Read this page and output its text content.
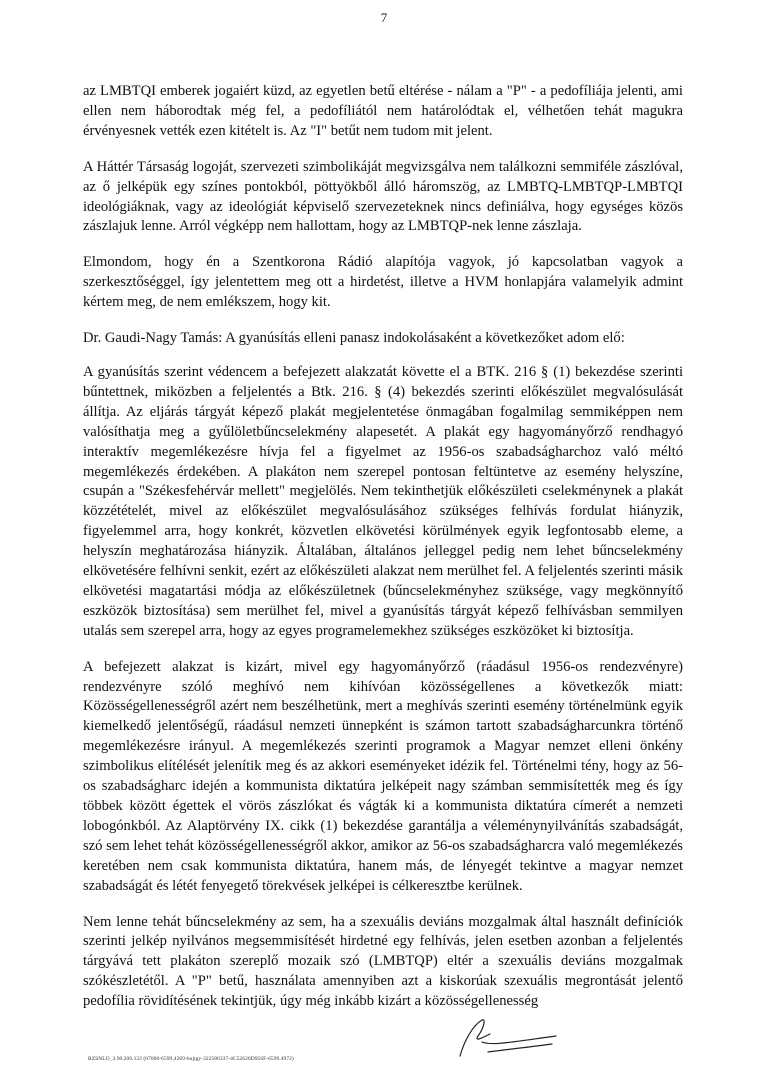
7

az LMBTQI emberek jogaiért küzd, az egyetlen betű eltérése - nálam a "P" - a pedofíliája jelenti, ami ellen nem háborodtak még fel, a pedofíliától nem határolódtak el, vélhetően tehát magukra érvényesnek vették ezen kitételt is. Az "I" betűt nem tudom mit jelent.

A Háttér Társaság logoját, szervezeti szimbolikáját megvizsgálva nem találkozni semmiféle zászlóval, az ő jelképük egy színes pontokból, pöttyökből álló háromszög, az LMBTQ-LMBTQP-LMBTQI ideológiáknak, vagy az ideológiát képviselő szervezeteknek nincs definiálva, hogy egységes közös zászlajuk lenne. Arról végképp nem hallottam, hogy az LMBTQP-nek lenne zászlaja.

Elmondom, hogy én a Szentkorona Rádió alapítója vagyok, jó kapcsolatban vagyok a szerkesztőséggel, így jelentettem meg ott a hirdetést, illetve a HVM honlapjára valamelyik admint kértem meg, de nem emlékszem, hogy kit.

Dr. Gaudi-Nagy Tamás: A gyanúsítás elleni panasz indokolásaként a következőket adom elő:

A gyanúsítás szerint védencem a befejezett alakzatát követte el a BTK. 216 § (1) bekezdése szerinti bűntettnek, miközben a feljelentés a Btk. 216. § (4) bekezdés szerinti előkészület megvalósulását állítja. Az eljárás tárgyát képező plakát megjelentetése önmagában fogalmilag semmiképpen nem valósíthatja meg a gyűlöletbűncselekmény alapesetét. A plakát egy hagyományőrző rendhagyó interaktív megemlékezésre hívja fel a figyelmet az 1956-os szabadságharchoz való méltó megemlékezés érdekében. A plakáton nem szerepel pontosan feltüntetve az esemény helyszíne, csupán a "Székesfehérvár mellett" megjelölés. Nem tekinthetjük előkészületi cselekménynek a plakát közzétételét, mivel az előkészület megvalósulásához szükséges felhívás fordulat hiányzik, figyelemmel arra, hogy konkrét, közvetlen elkövetési körülmények egyik legfontosabb eleme, a helyszín meghatározása hiányzik. Általában, általános jelleggel pedig nem lehet bűncselekmény elkövetésére felhívni senkit, ezért az előkészületi alakzat nem merülhet fel. A feljelentés szerinti másik elkövetési magatartási módja az előkészületnek (bűncselekményhez szüksége, vagy megkönnyítő eszközök biztosítása) sem merülhet fel, mivel a gyanúsítás tárgyát képező felhívásban semmilyen utalás sem szerepel arra, hogy az egyes programelemekhez szükséges eszközöket ki biztosítja.

A befejezett alakzat is kizárt, mivel egy hagyományőrző (ráadásul 1956-os rendezvényre) rendezvényre szóló meghívó nem kihívóan közösségellenes a következők miatt: Közösségellenességről azért nem beszélhetünk, mert a meghívás szerinti esemény történelmünk egyik kiemelkedő jelentőségű, ráadásul nemzeti ünnepként is számon tartott szabadságharcunkra történő megemlékezésre irányul. A megemlékezés szerinti programok a Magyar nemzet elleni önkény szimbolikus elítélését jelenítik meg és az akkori eseményeket idézik fel. Történelmi tény, hogy az 56-os szabadságharc idején a kommunista diktatúra jelképeit nagy számban semmisítették meg és így többek között égettek el vörös zászlókat és vágták ki a kommunista diktatúra címerét a nemzeti lobogónkból. Az Alaptörvény IX. cikk (1) bekezdése garantálja a véleménynyilvánítás szabadságát, szó sem lehet tehát közösségellenességről akkor, amikor az 56-os szabadságharcra való megemlékezés keretében nem csak kommunista diktatúra, hanem más, de lényegét tekintve a magyar nemzet szabadságát és létét fenyegető törekvések jelképei is célkeresztbe kerülnek.

Nem lenne tehát bűncselekmény az sem, ha a szexuális deviáns mozgalmak által használt definíciók szerinti jelkép nyilvános megsemmisítését hirdetné egy felhívás, jelen esetben azonban a feljelentés tárgyává tett plakáton szereplő mozaik szó (LMBTQP) eltér a szexuális deviáns mozgalmak szókészletétől. A "P" betű, használata amennyiben azt a kiskorúak szexuális megrontását jelentő pedofília rövidítésének tekintjük, úgy még inkább kizárt a közösségellenesség

RZSNLO_3.90.200.122 (07000-6599,4269-bujtgy-322586337-4C52620D956F-6599.4972)
